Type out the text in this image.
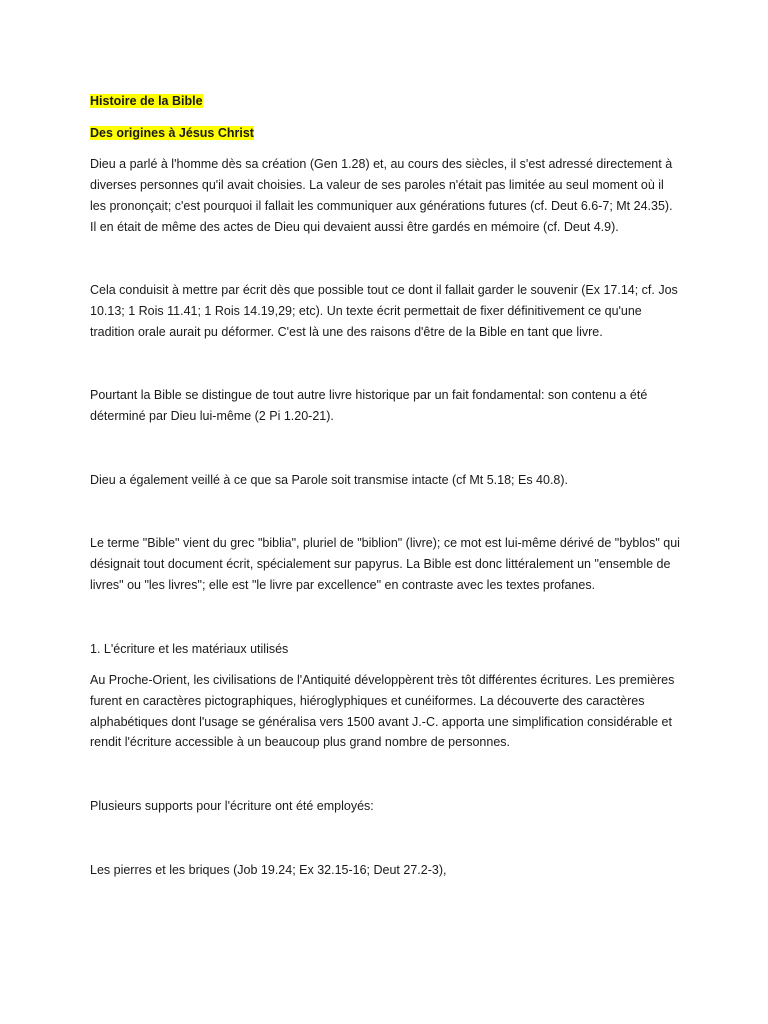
Histoire de la Bible

Des origines à Jésus Christ

Dieu a parlé à l'homme dès sa création (Gen 1.28) et, au cours des siècles, il s'est adressé directement à diverses personnes qu'il avait choisies. La valeur de ses paroles n'était pas limitée au seul moment où il les prononçait; c'est pourquoi il fallait les communiquer aux générations futures (cf. Deut 6.6-7; Mt 24.35). Il en était de même des actes de Dieu qui devaient aussi être gardés en mémoire (cf. Deut 4.9).

Cela conduisit à mettre par écrit dès que possible tout ce dont il fallait garder le souvenir (Ex 17.14; cf. Jos 10.13; 1 Rois 11.41; 1 Rois 14.19,29; etc). Un texte écrit permettait de fixer définitivement ce qu'une tradition orale aurait pu déformer. C'est là une des raisons d'être de la Bible en tant que livre.

Pourtant la Bible se distingue de tout autre livre historique par un fait fondamental: son contenu a été déterminé par Dieu lui-même (2 Pi 1.20-21).

Dieu a également veillé à ce que sa Parole soit transmise intacte (cf Mt 5.18; Es 40.8).

Le terme "Bible" vient du grec "biblia", pluriel de "biblion" (livre); ce mot est lui-même dérivé de "byblos" qui désignait tout document écrit, spécialement sur papyrus. La Bible est donc littéralement un "ensemble de livres" ou "les livres"; elle est "le livre par excellence" en contraste avec les textes profanes.

1. L'écriture et les matériaux utilisés

Au Proche-Orient, les civilisations de l'Antiquité développèrent très tôt différentes écritures. Les premières furent en caractères pictographiques, hiéroglyphiques et cunéiformes. La découverte des caractères alphabétiques dont l'usage se généralisa vers 1500 avant J.-C. apporta une simplification considérable et rendit l'écriture accessible à un beaucoup plus grand nombre de personnes.

Plusieurs supports pour l'écriture ont été employés:

Les pierres et les briques (Job 19.24; Ex 32.15-16; Deut 27.2-3),
